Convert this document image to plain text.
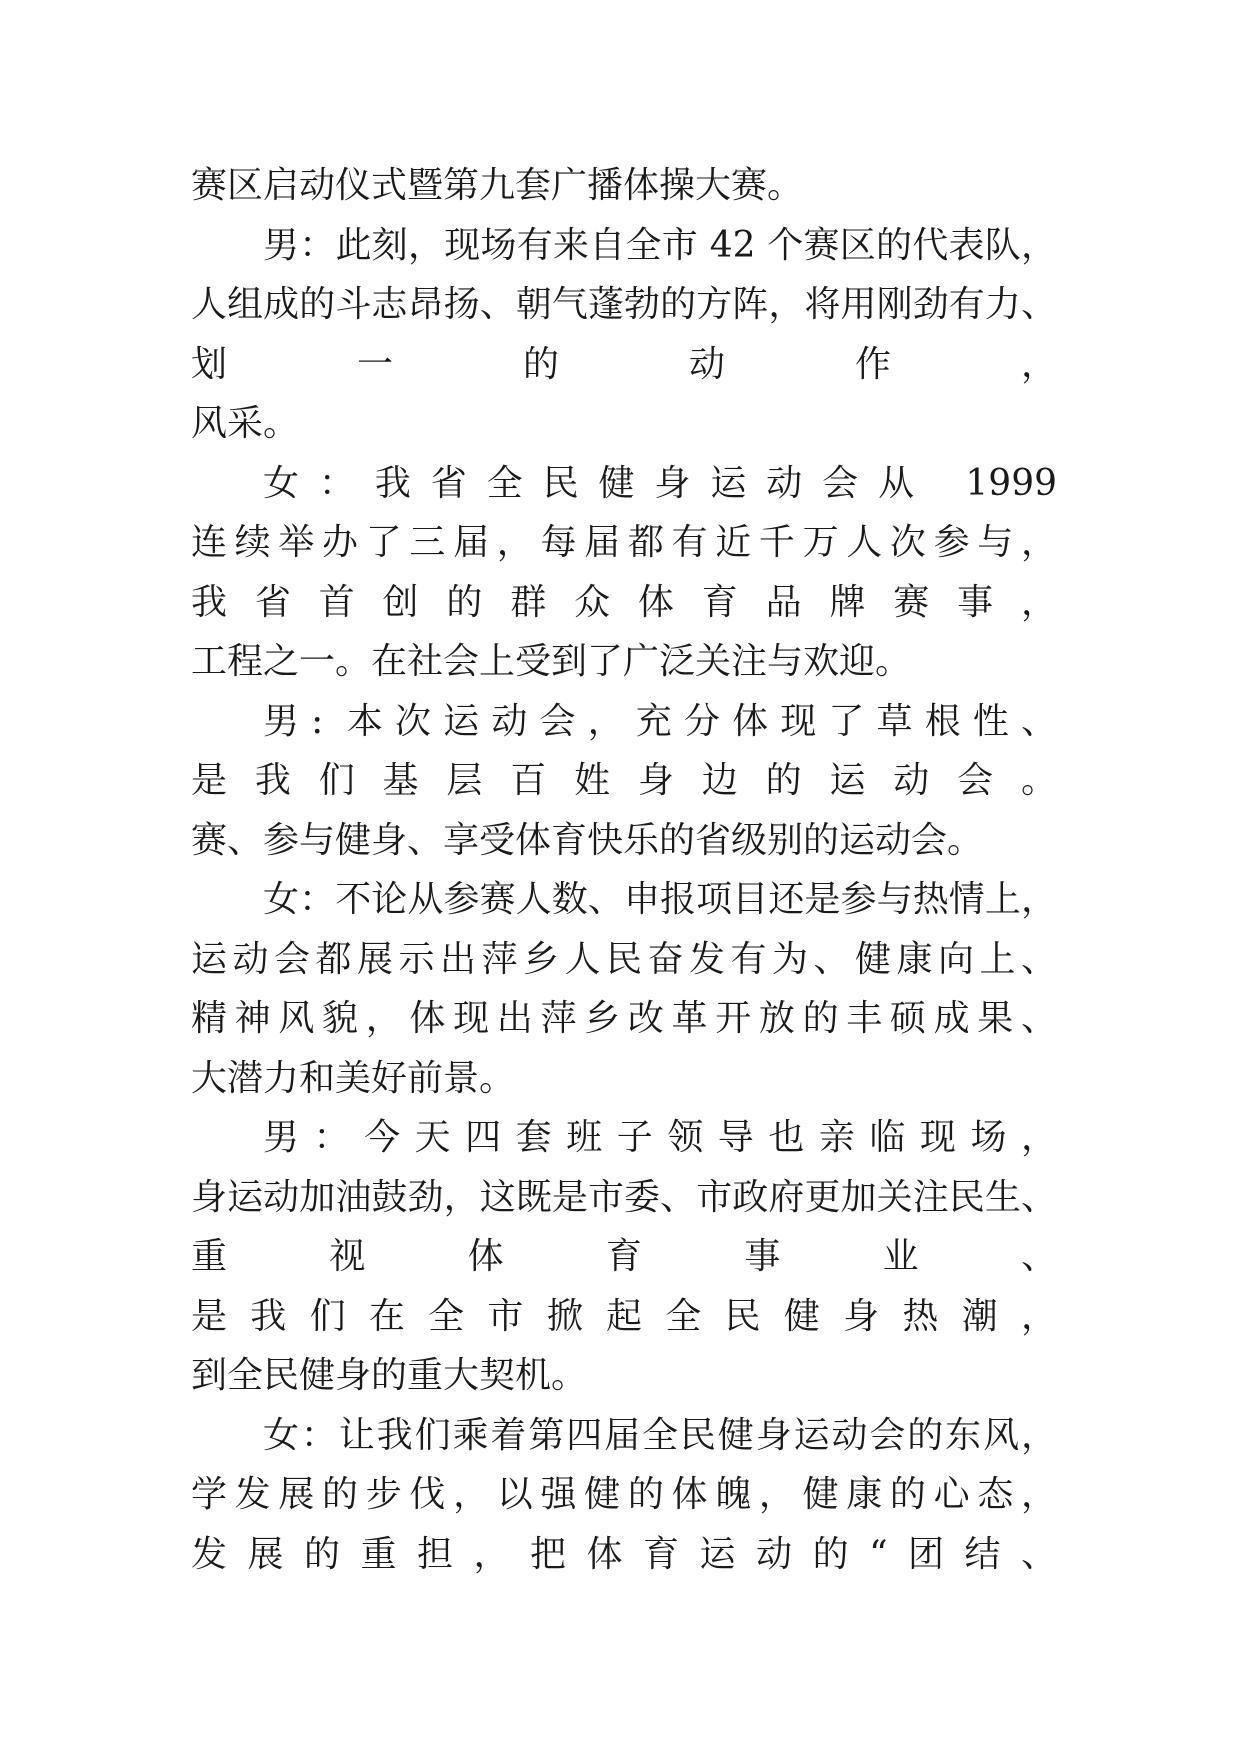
赛区启动仪式暨第九套广播体操大赛。
男：此刻，现场有来自全市 42 个赛区的代表队，
人组成的斗志昂扬、朝气蓬勃的方阵，将用刚劲有力、
划一的动作，
风采。
女：我省全民健身运动会从 1999
连续举办了三届，每届都有近千万人次参与，
我省首创的群众体育品牌赛事，
工程之一。在社会上受到了广泛关注与欢迎。
男: 本次运动会，充分体现了草根性、
是我们基层百姓身边的运动会。
赛、参与健身、享受体育快乐的省级别的运动会。
女：不论从参赛人数、申报项目还是参与热情上，
运动会都展示出萍乡人民奋发有为、健康向上、
精神风貌，体现出萍乡改革开放的丰硕成果、
大潜力和美好前景。
男：今天四套班子领导也亲临现场，
身运动加油鼓劲，这既是市委、市政府更加关注民生、
重视体育事业、
是我们在全市掀起全民健身热潮，
到全民健身的重大契机。
女：让我们乘着第四届全民健身运动会的东风，
学发展的步伐，以强健的体魄，健康的心态，
发展的重担，把体育运动的“团结、
